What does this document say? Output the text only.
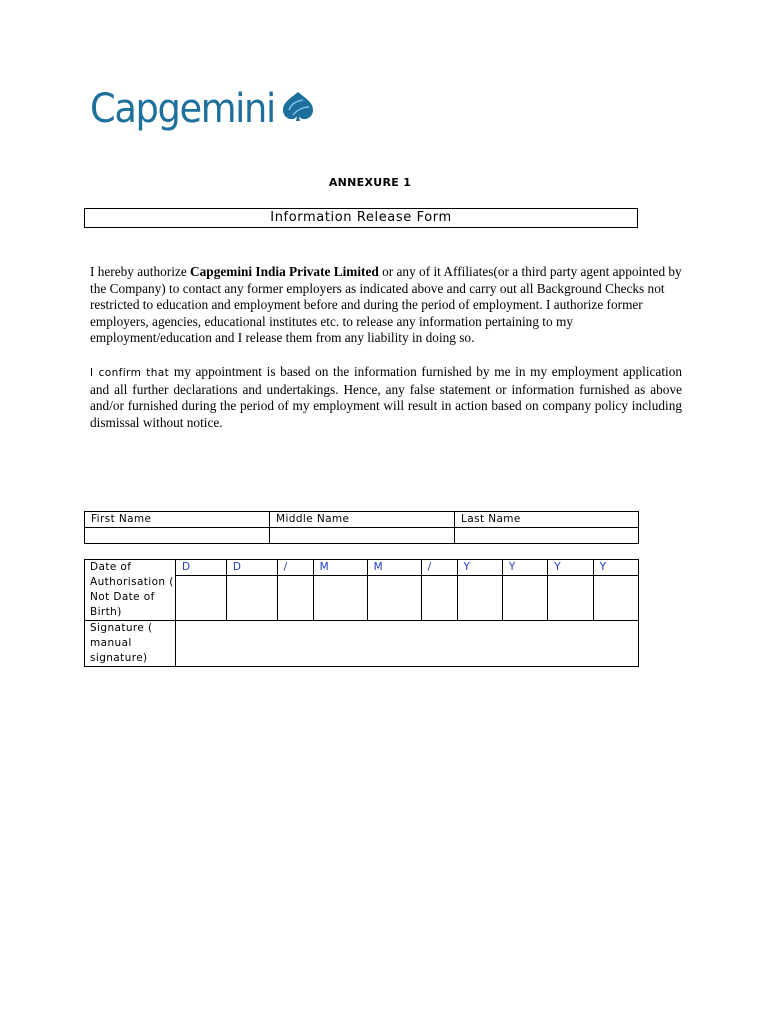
Capgemini
ANNEXURE 1
Information Release Form
I hereby authorize Capgemini India Private Limited or any of it Affiliates(or a third party agent appointed by the Company) to contact any former employers as indicated above and carry out all Background Checks not restricted to education and employment before and during the period of employment. I authorize former employers, agencies, educational institutes etc. to release any information pertaining to my employment/education and I release them from any liability in doing so.
I confirm that my appointment is based on the information furnished by me in my employment application and all further declarations and undertakings. Hence, any false statement or information furnished as above and/or furnished during the period of my employment will result in action based on company policy including dismissal without notice.
First Name	Middle Name	Last Name

Date of Authorisation ( Not Date of Birth)	D	D	/	M	M	/	Y	Y	Y	Y

Signature ( manual signature)										
